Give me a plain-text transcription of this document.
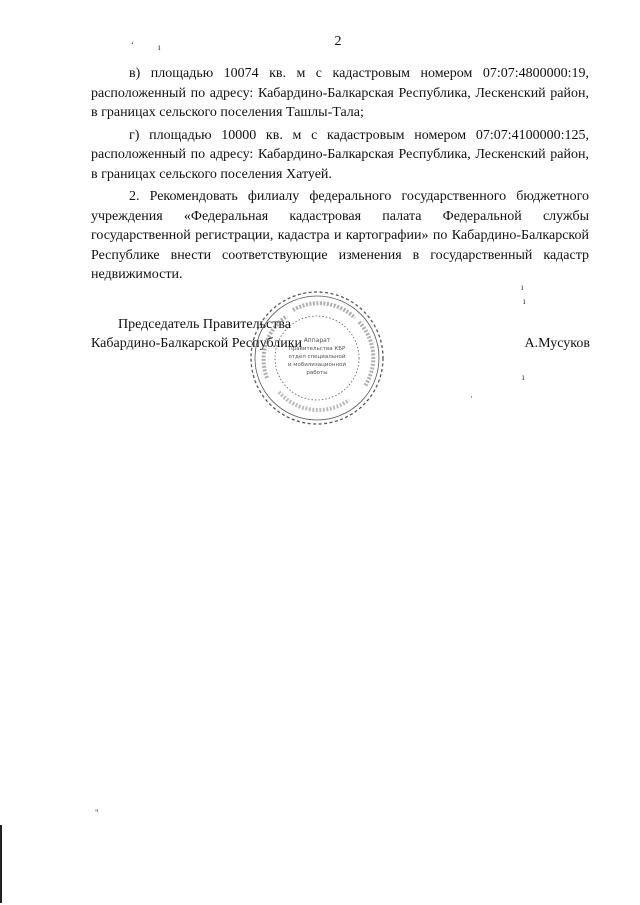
ʻ	ı	2

в) площадью 10074 кв. м с кадастровым номером 07:07:4800000:19, расположенный по адресу: Кабардино-Балкарская Республика, Лескенский район, в границах сельского поселения Ташлы-Тала;

г) площадью 10000 кв. м с кадастровым номером 07:07:4100000:125, расположенный по адресу: Кабардино-Балкарская Республика, Лескенский район, в границах сельского поселения Хатуей.

2. Рекомендовать филиалу федерального государственного бюджетного учреждения «Федеральная кадастровая палата Федеральной службы государственной регистрации, кадастра и картографии» по Кабардино-Балкарской Республике внести соответствующие изменения в государственный кадастр недвижимости.

Председатель Правительства
Кабардино-Балкарской Республики	А.Мусуков
Аппарат
Правительства КБР
отдел специальной
и мобилизационной
работы
ı
ı
ı
·
"
